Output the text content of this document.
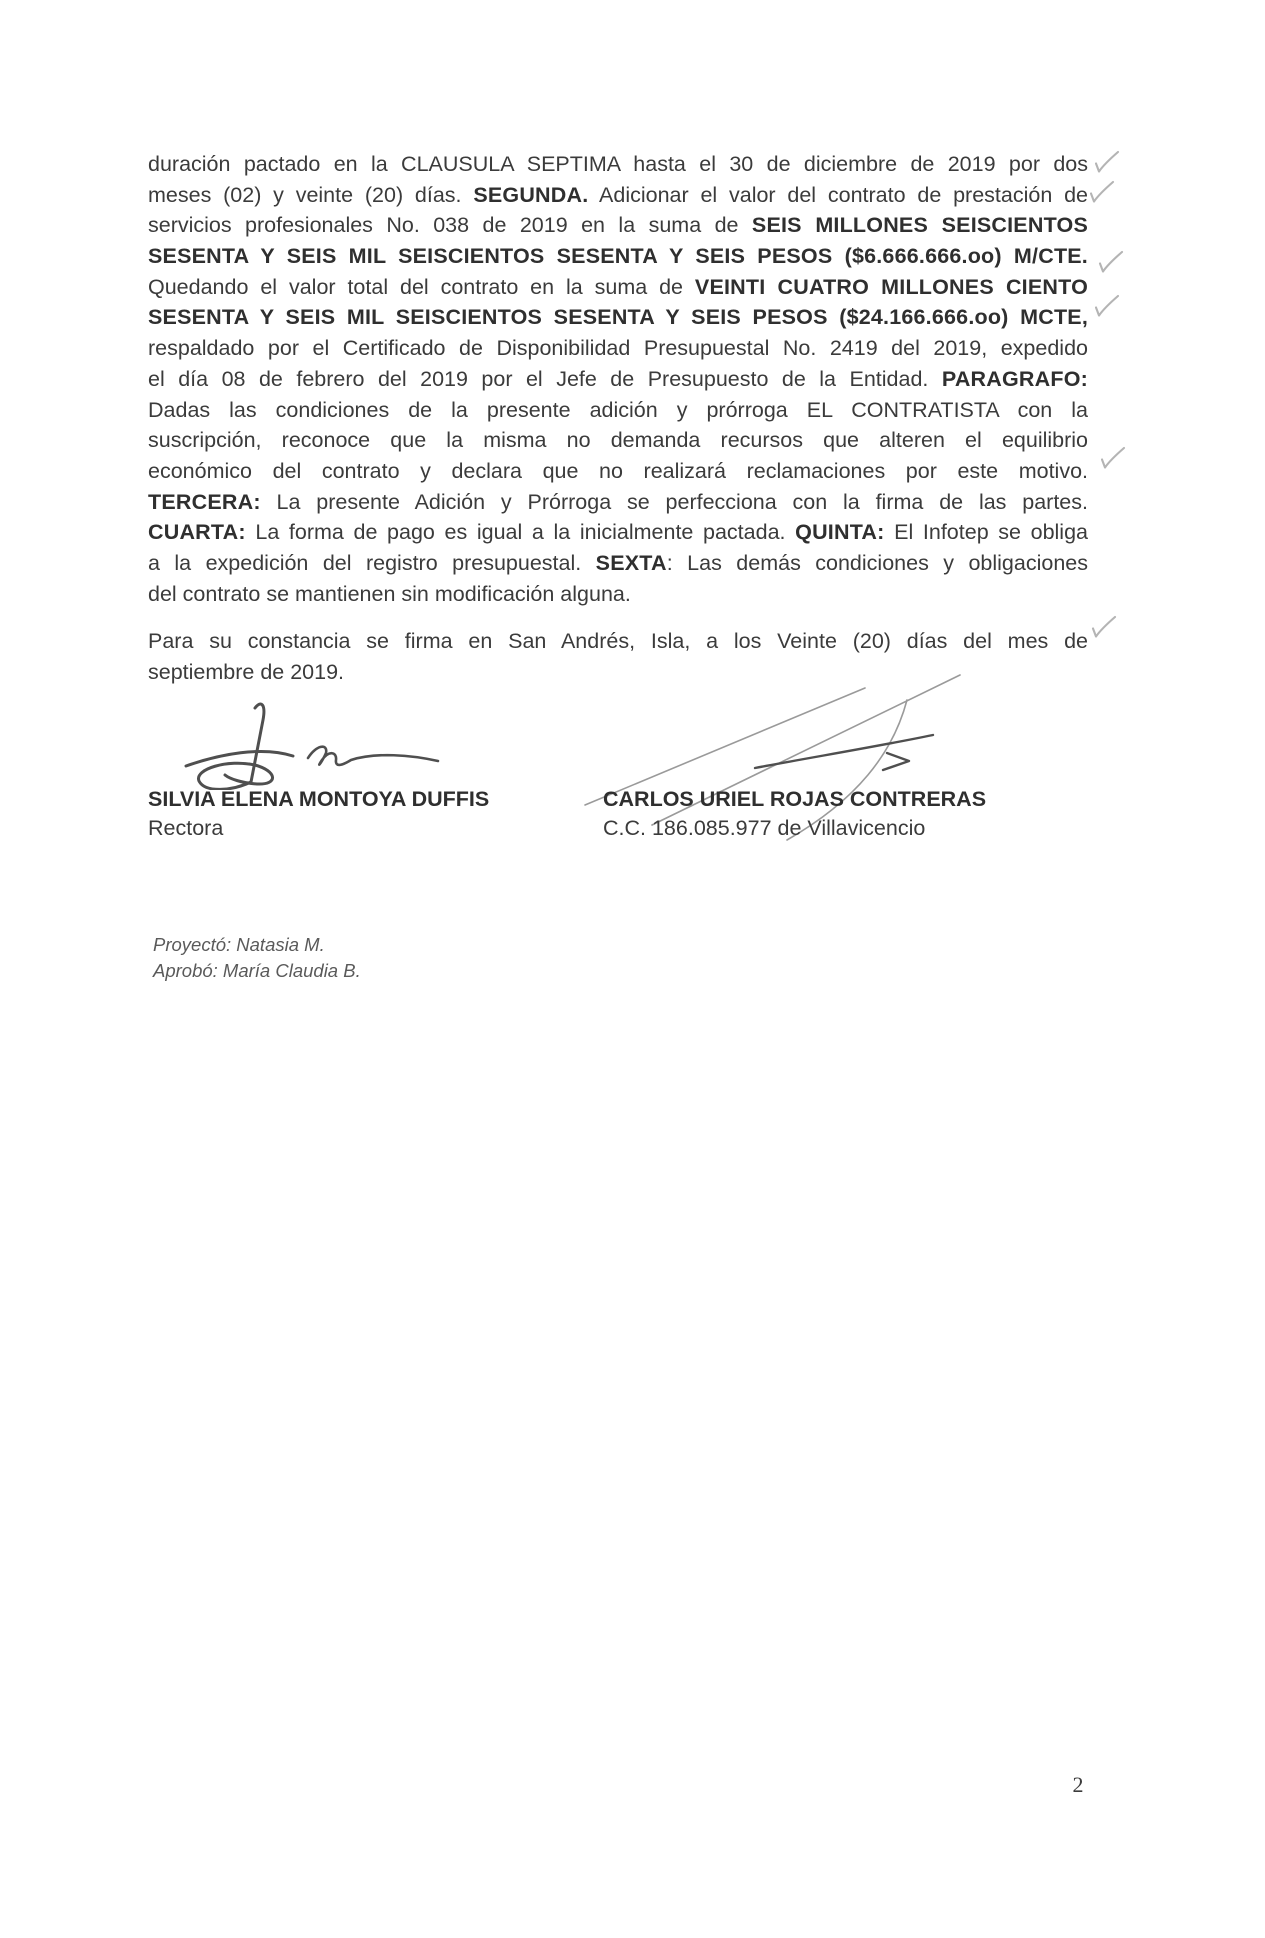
duración pactado en la CLAUSULA SEPTIMA hasta el 30 de diciembre de 2019 por dos
meses (02) y veinte (20) días. SEGUNDA. Adicionar el valor del contrato de prestación de
servicios profesionales No. 038 de 2019 en la suma de SEIS MILLONES SEISCIENTOS
SESENTA Y SEIS MIL SEISCIENTOS SESENTA Y SEIS PESOS ($6.666.666.oo) M/CTE.
Quedando el valor total del contrato en la suma de VEINTI CUATRO MILLONES CIENTO
SESENTA Y SEIS MIL SEISCIENTOS SESENTA Y SEIS PESOS ($24.166.666.oo) MCTE,
respaldado por el Certificado de Disponibilidad Presupuestal No. 2419 del 2019, expedido
el día 08 de febrero del 2019 por el Jefe de Presupuesto de la Entidad. PARAGRAFO:
Dadas las condiciones de la presente adición y prórroga EL CONTRATISTA con la
suscripción, reconoce que la misma no demanda recursos que alteren el equilibrio
económico del contrato y declara que no realizará reclamaciones por este motivo.
TERCERA: La presente Adición y Prórroga se perfecciona con la firma de las partes.
CUARTA: La forma de pago es igual a la inicialmente pactada. QUINTA: El Infotep se obliga
a la expedición del registro presupuestal. SEXTA: Las demás condiciones y obligaciones
del contrato se mantienen sin modificación alguna.
Para su constancia se firma en San Andrés, Isla, a los Veinte (20) días del mes de
septiembre de 2019.
SILVIA ELENA MONTOYA DUFFIS
Rectora
CARLOS URIEL ROJAS CONTRERAS
C.C. 186.085.977 de Villavicencio
Proyectó: Natasia M.
Aprobó: María Claudia B.
2
